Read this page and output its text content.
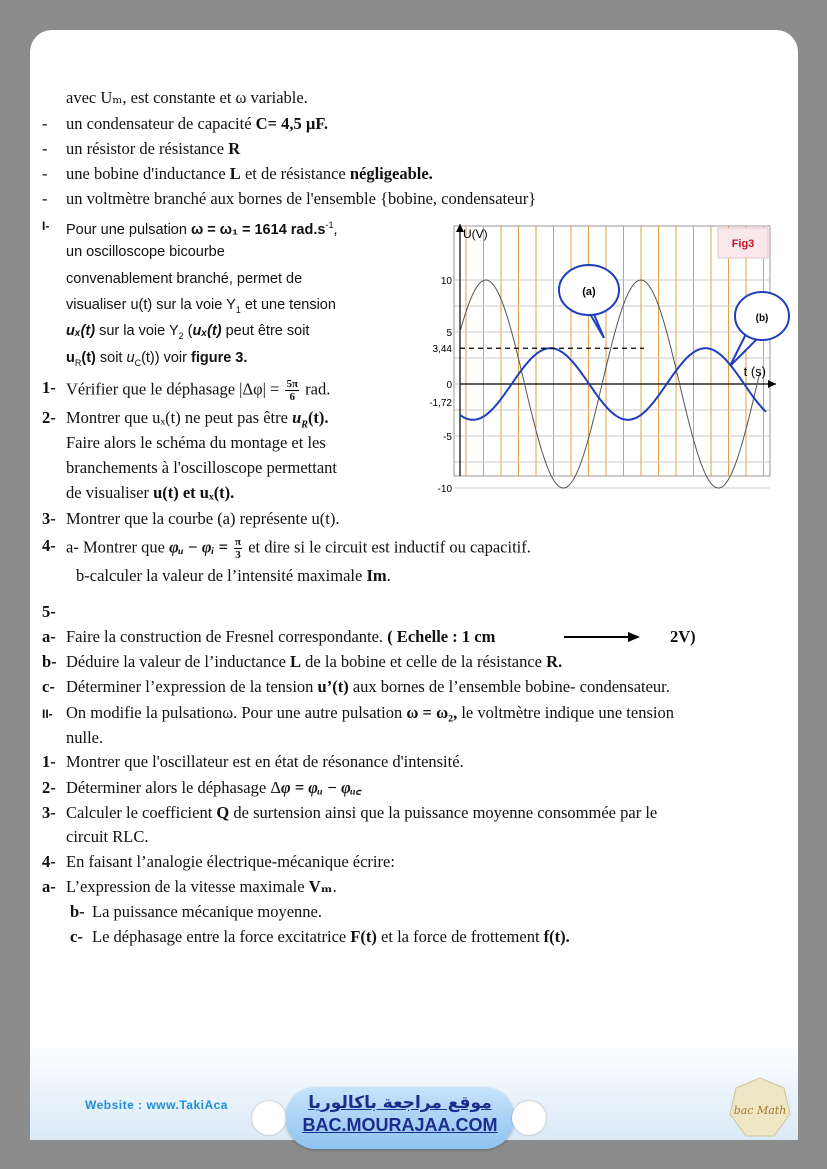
avec Uₘ, est constante et ω variable.
- un condensateur de capacité C= 4,5 µF.
- un résistor de résistance R
- une bobine d'inductance L et de résistance négligeable.
- un voltmètre branché aux bornes de l'ensemble {bobine, condensateur}
I- Pour une pulsation ω = ω₁ = 1614 $rad.s^{-1}$,
un oscilloscope bicourbe
convenablement branché, permet de
visualiser u(t) sur la voie $Y_1$ et une tension
uₓ(t) sur la voie $Y_2$ (uₓ(t) peut être soit
$u_R(t)$ soit $u_C(t)$) voir figure 3.
1- Vérifier que le déphasage $|\Delta\varphi| = \frac{5\pi}{6}$ rad.
2- Montrer que uₓ(t) ne peut pas être $u_R(t)$.
Faire alors le schéma du montage et les
branchements à l'oscilloscope permettant
de visualiser u(t) et uₓ(t).
3- Montrer que la courbe (a) représente u(t).
4- a- Montrer que φᵤ − φᵢ = $\frac{\pi}{3}$ et dire si le circuit est inductif ou capacitif.
b-calculer la valeur de l’intensité maximale Im.
5-
a- Faire la construction de Fresnel correspondante. ( Echelle : 1 cm	2V)
b- Déduire la valeur de l’inductance L de la bobine et celle de la résistance R.
c- Déterminer l’expression de la tension u’(t) aux bornes de l’ensemble bobine- condensateur.
II- On modifie la pulsationω. Pour une autre pulsation ω = ω₂, le voltmètre indique une tension
nulle.
1- Montrer que l'oscillateur est en état de résonance d'intensité.
2- Déterminer alors le déphasage Δφ = φᵤ − φᵤ꜀
3- Calculer le coefficient Q de surtension ainsi que la puissance moyenne consommée par le
circuit RLC.
4- En faisant l’analogie électrique-mécanique écrire:
a- L’expression de la vitesse maximale Vₘ.
b- La puissance mécanique moyenne.
c- Le déphasage entre la force excitatrice F(t) et la force de frottement f(t).
10
5
3,44
0
-1,72
-5
-10
U(V)
t (s)
Fig3
(a)
(b)
Website : www.TakiAca	موقع مراجعة باكالوريا
BAC.MOURAJAA.COM
bac Math
